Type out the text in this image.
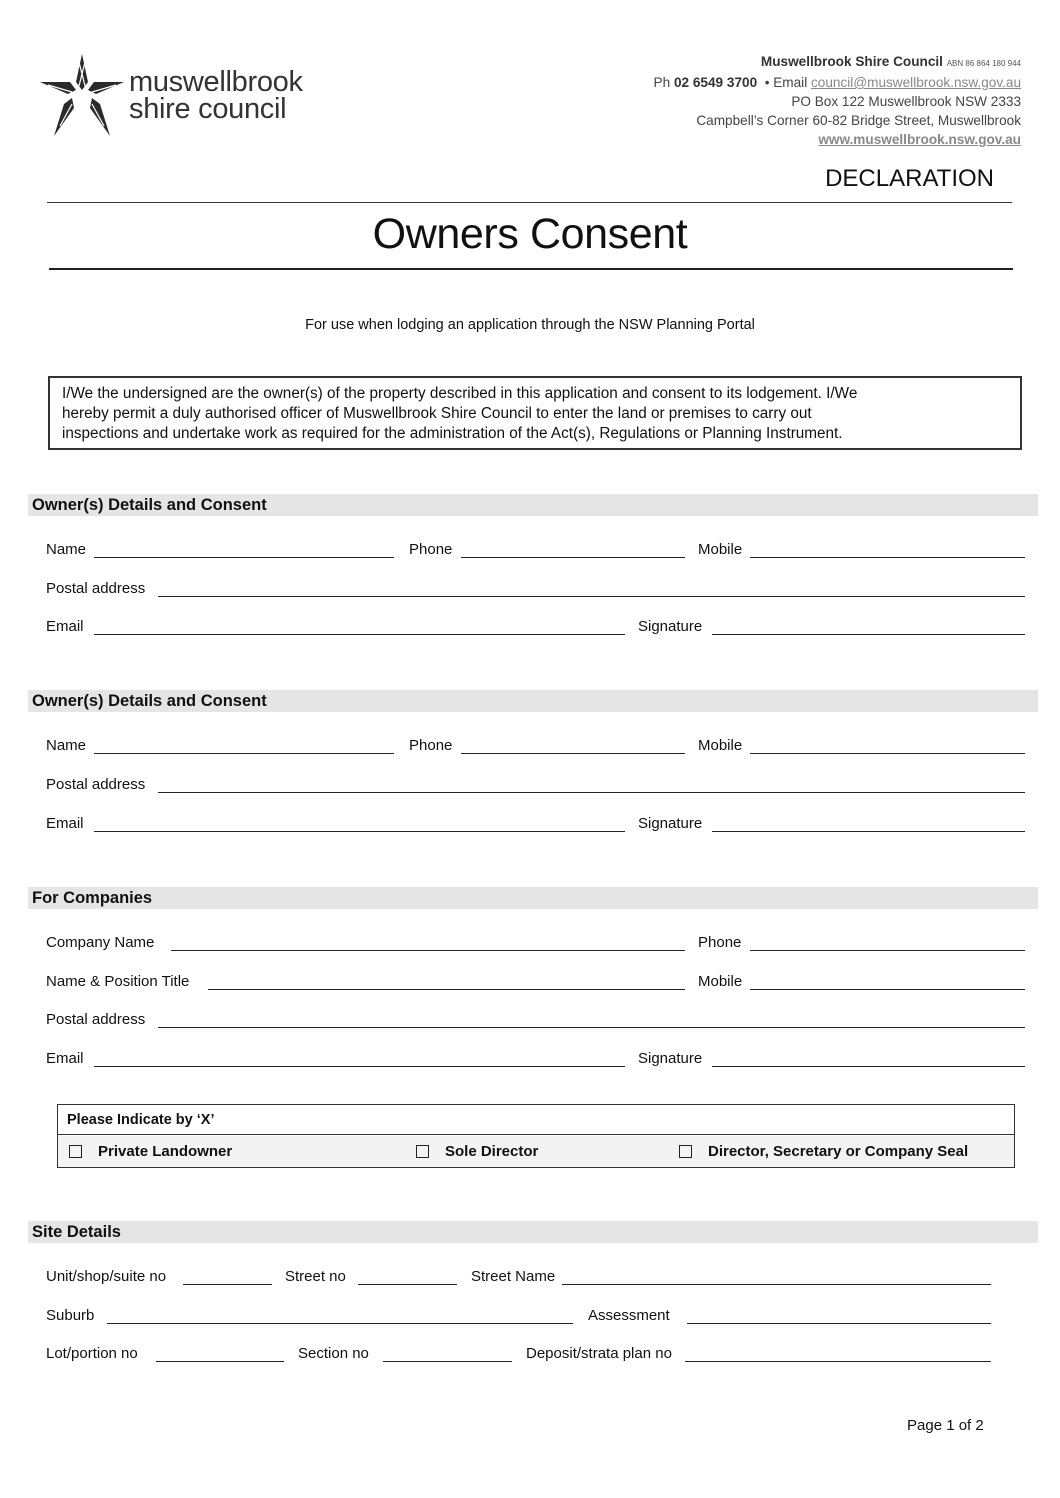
muswellbrook
shire council
Muswellbrook Shire Council ABN 86 864 180 944
Ph 02 6549 3700 • Email council@muswellbrook.nsw.gov.au
PO Box 122 Muswellbrook NSW 2333
Campbell’s Corner 60-82 Bridge Street, Muswellbrook
www.muswellbrook.nsw.gov.au
DECLARATION
Owners Consent
For use when lodging an application through the NSW Planning Portal
I/We the undersigned are the owner(s) of the property described in this application and consent to its lodgement. I/We
hereby permit a duly authorised officer of Muswellbrook Shire Council to enter the land or premises to carry out
inspections and undertake work as required for the administration of the Act(s), Regulations or Planning Instrument.
Owner(s) Details and Consent
Name	Phone	Mobile
Postal address
Email	Signature
Owner(s) Details and Consent
Name	Phone	Mobile
Postal address
Email	Signature
For Companies
Company Name	Phone
Name & Position Title	Mobile
Postal address
Email	Signature
Please Indicate by ‘X’
Private Landowner	Sole Director	Director, Secretary or Company Seal
Site Details
Unit/shop/suite no	Street no	Street Name
Suburb	Assessment
Lot/portion no	Section no	Deposit/strata plan no
Page 1 of 2
